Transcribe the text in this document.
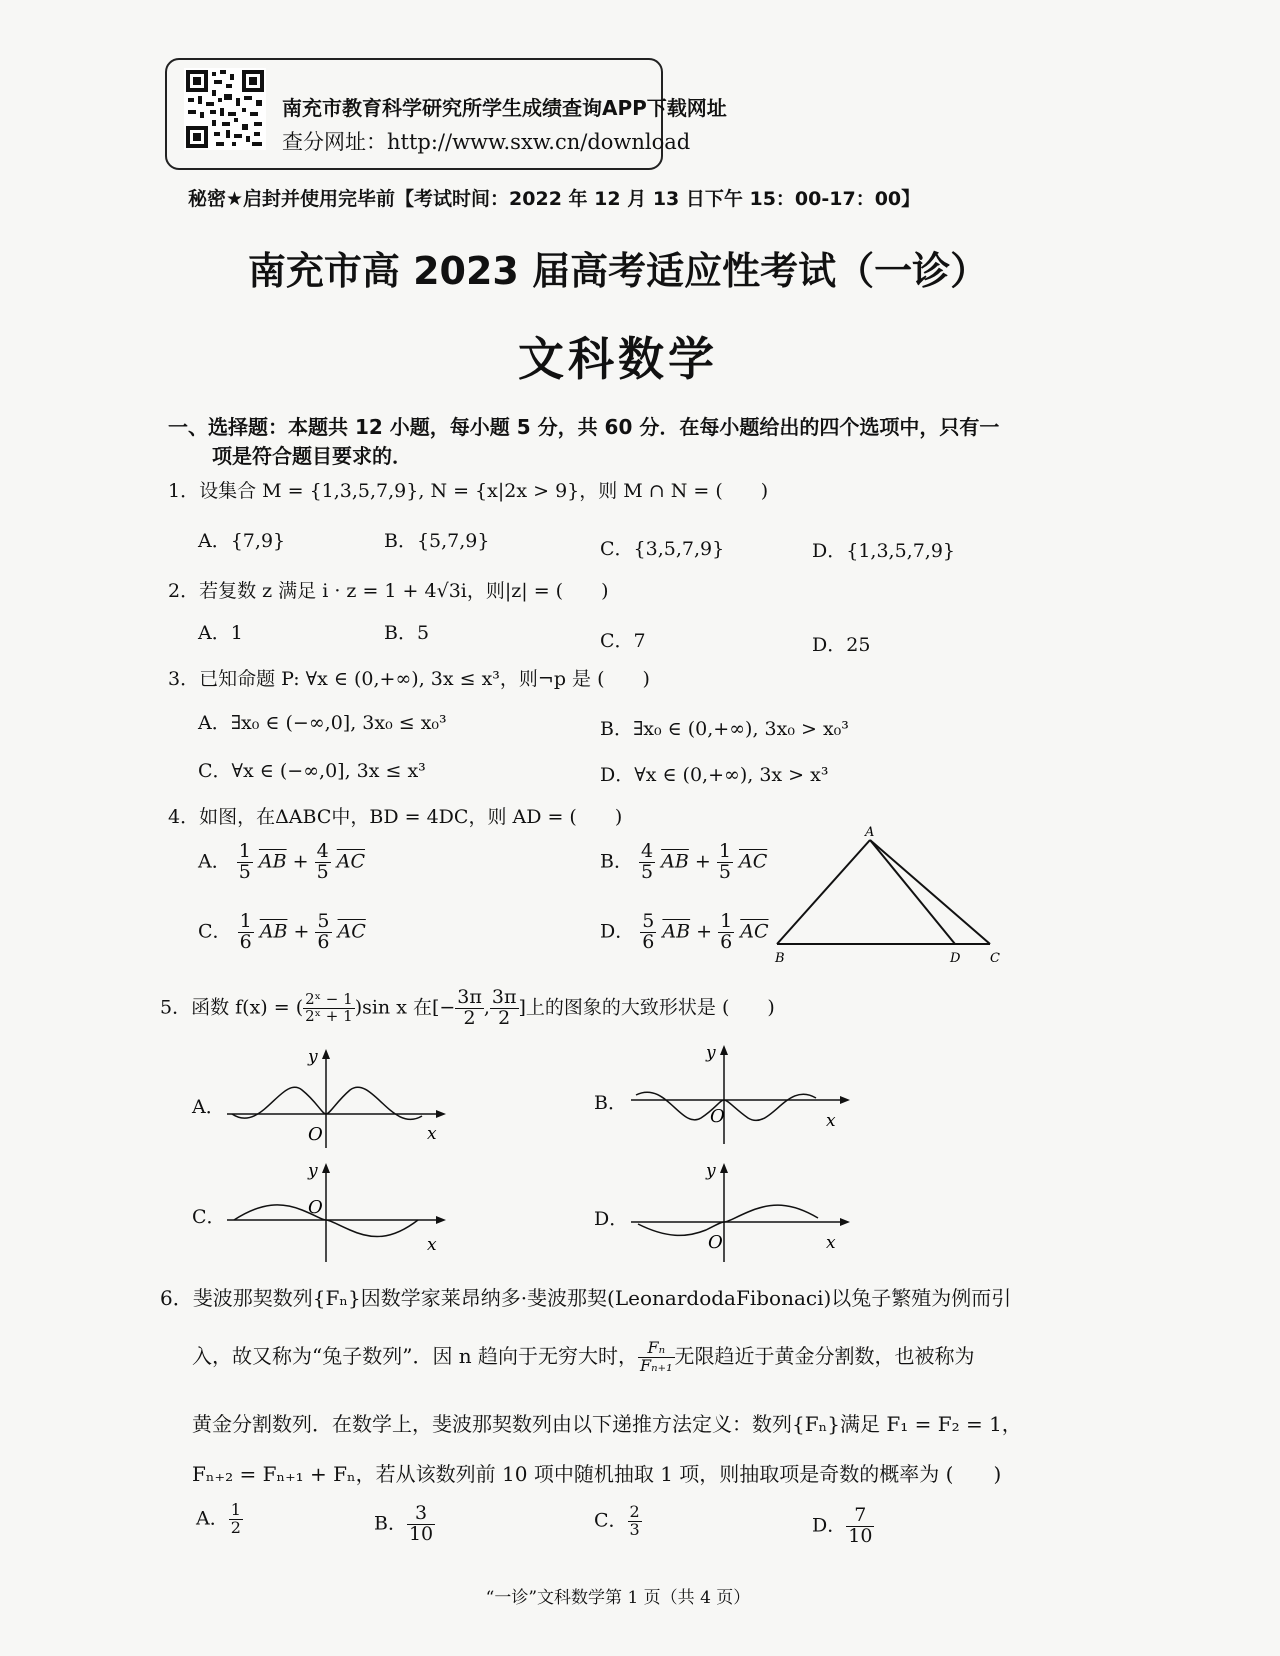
南充市教育科学研究所学生成绩查询APP下载网址
查分网址：http://www.sxw.cn/download
秘密★启封并使用完毕前【考试时间：2022 年 12 月 13 日下午 15：00-17：00】
南充市高 2023 届高考适应性考试（一诊）
文科数学
一、选择题：本题共 12 小题，每小题 5 分，共 60 分．在每小题给出的四个选项中，只有一
项是符合题目要求的．
1．设集合 M = {1,3,5,7,9}, N = {x|2x > 9}，则 M ∩ N = (　　)
A．{7,9}	B．{5,7,9}	C．{3,5,7,9}	D．{1,3,5,7,9}
2．若复数 z 满足 i · z = 1 + 4√3i，则|z| = (　　)
A．1	B．5	C．7	D．25
3．已知命题 P: ∀x ∈ (0,+∞), 3x ≤ x³，则¬p 是 (　　)
A．∃x₀ ∈ (−∞,0], 3x₀ ≤ x₀³	B．∃x₀ ∈ (0,+∞), 3x₀ > x₀³
C．∀x ∈ (−∞,0], 3x ≤ x³	D．∀x ∈ (0,+∞), 3x > x³
4．如图，在ΔABC中，BD = 4DC，则 AD = (　　)
A． $\frac{1}{5} \overline{AB} + \frac{4}{5} \overline{AC}$	B． $\frac{4}{5} \overline{AB} + \frac{1}{5} \overline{AC}$
C． $\frac{1}{6} \overline{AB} + \frac{5}{6} \overline{AC}$	D． $\frac{5}{6} \overline{AB} + \frac{1}{6} \overline{AC}$
A
B	D C
5．函数 f(x) = ( $\frac{\text{2ˣ − 1}}{\text{2ˣ + 1}} )\sin$ x 在[− $\frac{3\pi}{2}$ , $\frac{3\pi}{2}$ ]上的图象的大致形状是 (　　)
A．
O	x
y
B．
O	x
y
C．	O
x
y
D．
O	x
y
6．斐波那契数列{Fₙ}因数学家莱昂纳多·斐波那契(LeonardodaFibonaci)以兔子繁殖为例而引
入，故又称为“兔子数列”．因 n 趋向于无穷大时， $\frac{\text{Fₙ}}{\text{Fₙ₊₁}}$ 无限趋近于黄金分割数，也被称为
黄金分割数列．在数学上，斐波那契数列由以下递推方法定义：数列{Fₙ}满足 F₁ = F₂ = 1，
Fₙ₊₂ = Fₙ₊₁ + Fₙ，若从该数列前 10 项中随机抽取 1 项，则抽取项是奇数的概率为 (　　)
A． $\frac{1}{2}$	B． $\frac{3}{10}$	C． $\frac{2}{3}$	D． $\frac{7}{10}$
“一诊”文科数学第 1 页（共 4 页）
